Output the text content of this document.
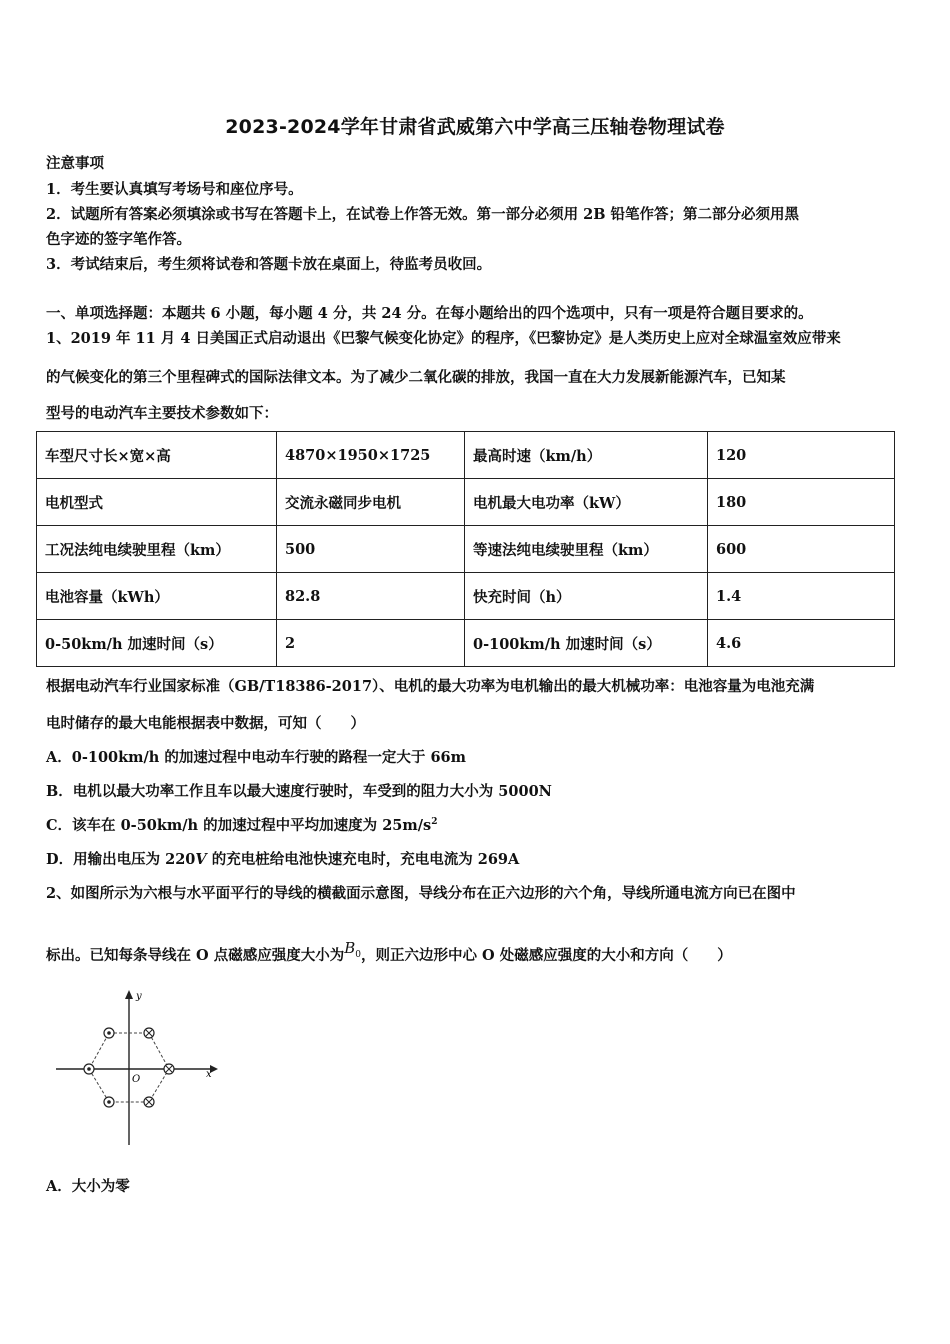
2023-2024学年甘肃省武威第六中学高三压轴卷物理试卷
注意事项
1．考生要认真填写考场号和座位序号。
2．试题所有答案必须填涂或书写在答题卡上，在试卷上作答无效。第一部分必须用 2B 铅笔作答；第二部分必须用黑
色字迹的签字笔作答。
3．考试结束后，考生须将试卷和答题卡放在桌面上，待监考员收回。
一、单项选择题：本题共 6 小题，每小题 4 分，共 24 分。在每小题给出的四个选项中，只有一项是符合题目要求的。
1、2019 年 11 月 4 日美国正式启动退出《巴黎气候变化协定》的程序，《巴黎协定》是人类历史上应对全球温室效应带来
的气候变化的第三个里程碑式的国际法律文本。为了减少二氧化碳的排放，我国一直在大力发展新能源汽车，已知某
型号的电动汽车主要技术参数如下：
车型尺寸长×宽×高	4870×1950×1725	最高时速（km/h）	120
电机型式	交流永磁同步电机	电机最大电功率（kW）	180
工况法纯电续驶里程（km）	500	等速法纯电续驶里程（km）	600
电池容量（kWh）	82.8	快充时间（h）	1.4
0-50km/h 加速时间（s）	2	0-100km/h 加速时间（s）	4.6
根据电动汽车行业国家标准（GB/T18386-2017）、电机的最大功率为电机输出的最大机械功率：电池容量为电池充满
电时储存的最大电能根据表中数据，可知（　　）
A．0-100km/h 的加速过程中电动车行驶的路程一定大于 66m
B．电机以最大功率工作且车以最大速度行驶时，车受到的阻力大小为 5000N
C．该车在 0-50km/h 的加速过程中平均加速度为 $25m/s^2$
D．用输出电压为 220V 的充电桩给电池快速充电时，充电电流为 269A
2、如图所示为六根与水平面平行的导线的横截面示意图，导线分布在正六边形的六个角，导线所通电流方向已在图中
标出。已知每条导线在 O 点磁感应强度大小为$B_0$，则正六边形中心 O 处磁感应强度的大小和方向（　　）
x
y
O
A．大小为零
